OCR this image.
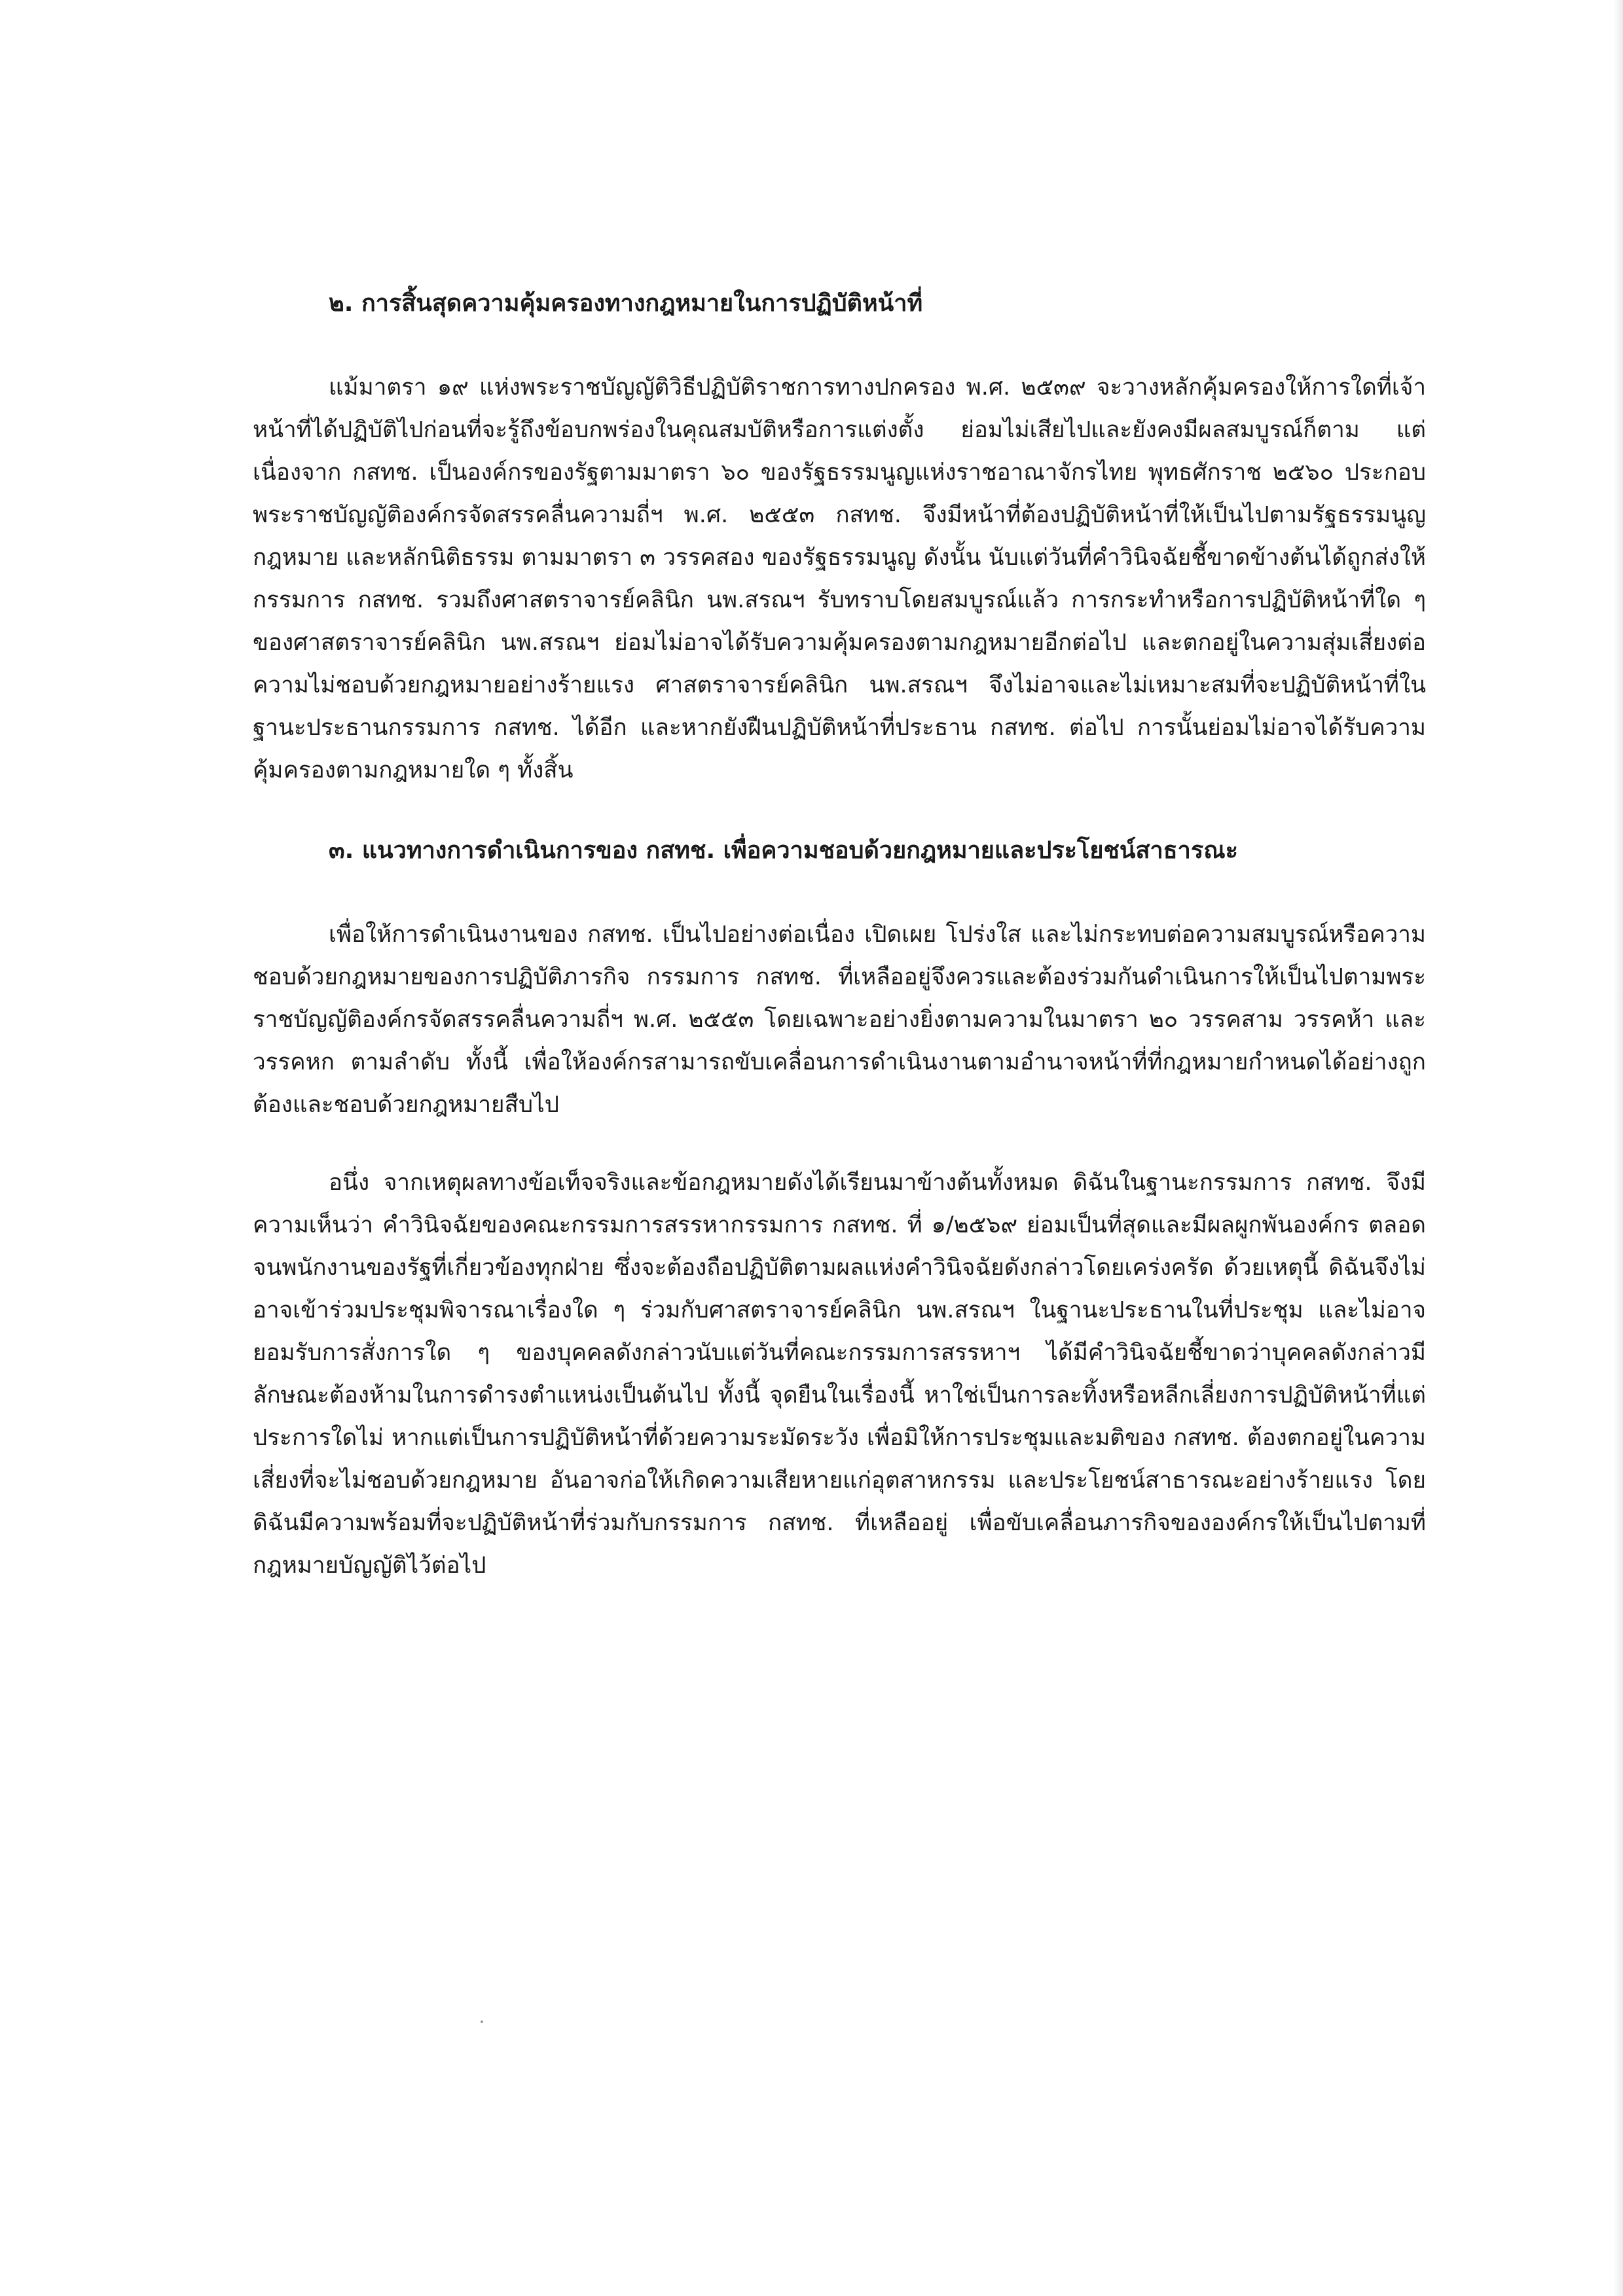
๒. การสิ้นสุดความคุ้มครองทางกฎหมายในการปฏิบัติหน้าที่

แม้มาตรา ๑๙ แห่งพระราชบัญญัติวิธีปฏิบัติราชการทางปกครอง พ.ศ. ๒๕๓๙ จะวางหลักคุ้มครองให้การใดที่เจ้าหน้าที่ได้ปฏิบัติไปก่อนที่จะรู้ถึงข้อบกพร่องในคุณสมบัติหรือการแต่งตั้ง ย่อมไม่เสียไปและยังคงมีผลสมบูรณ์ก็ตาม แต่เนื่องจาก กสทช. เป็นองค์กรของรัฐตามมาตรา ๖๐ ของรัฐธรรมนูญแห่งราชอาณาจักรไทย พุทธศักราช ๒๕๖๐ ประกอบพระราชบัญญัติองค์กรจัดสรรคลื่นความถี่ฯ พ.ศ. ๒๕๕๓ กสทช. จึงมีหน้าที่ต้องปฏิบัติหน้าที่ให้เป็นไปตามรัฐธรรมนูญ กฎหมาย และหลักนิติธรรม ตามมาตรา ๓ วรรคสอง ของรัฐธรรมนูญ ดังนั้น นับแต่วันที่คำวินิจฉัยชี้ขาดข้างต้นได้ถูกส่งให้กรรมการ กสทช. รวมถึงศาสตราจารย์คลินิก นพ.สรณฯ รับทราบโดยสมบูรณ์แล้ว การกระทำหรือการปฏิบัติหน้าที่ใด ๆ ของศาสตราจารย์คลินิก นพ.สรณฯ ย่อมไม่อาจได้รับความคุ้มครองตามกฎหมายอีกต่อไป และตกอยู่ในความสุ่มเสี่ยงต่อความไม่ชอบด้วยกฎหมายอย่างร้ายแรง ศาสตราจารย์คลินิก นพ.สรณฯ จึงไม่อาจและไม่เหมาะสมที่จะปฏิบัติหน้าที่ในฐานะประธานกรรมการ กสทช. ได้อีก และหากยังฝืนปฏิบัติหน้าที่ประธาน กสทช. ต่อไป การนั้นย่อมไม่อาจได้รับความคุ้มครองตามกฎหมายใด ๆ ทั้งสิ้น

๓. แนวทางการดำเนินการของ กสทช. เพื่อความชอบด้วยกฎหมายและประโยชน์สาธารณะ

เพื่อให้การดำเนินงานของ กสทช. เป็นไปอย่างต่อเนื่อง เปิดเผย โปร่งใส และไม่กระทบต่อความสมบูรณ์หรือความชอบด้วยกฎหมายของการปฏิบัติภารกิจ กรรมการ กสทช. ที่เหลืออยู่จึงควรและต้องร่วมกันดำเนินการให้เป็นไปตามพระราชบัญญัติองค์กรจัดสรรคลื่นความถี่ฯ พ.ศ. ๒๕๕๓ โดยเฉพาะอย่างยิ่งตามความในมาตรา ๒๐ วรรคสาม วรรคห้า และวรรคหก ตามลำดับ ทั้งนี้ เพื่อให้องค์กรสามารถขับเคลื่อนการดำเนินงานตามอำนาจหน้าที่ที่กฎหมายกำหนดได้อย่างถูกต้องและชอบด้วยกฎหมายสืบไป

อนึ่ง จากเหตุผลทางข้อเท็จจริงและข้อกฎหมายดังได้เรียนมาข้างต้นทั้งหมด ดิฉันในฐานะกรรมการ กสทช. จึงมีความเห็นว่า คำวินิจฉัยของคณะกรรมการสรรหากรรมการ กสทช. ที่ ๑/๒๕๖๙ ย่อมเป็นที่สุดและมีผลผูกพันองค์กร ตลอดจนพนักงานของรัฐที่เกี่ยวข้องทุกฝ่าย ซึ่งจะต้องถือปฏิบัติตามผลแห่งคำวินิจฉัยดังกล่าวโดยเคร่งครัด ด้วยเหตุนี้ ดิฉันจึงไม่อาจเข้าร่วมประชุมพิจารณาเรื่องใด ๆ ร่วมกับศาสตราจารย์คลินิก นพ.สรณฯ ในฐานะประธานในที่ประชุม และไม่อาจยอมรับการสั่งการใด ๆ ของบุคคลดังกล่าวนับแต่วันที่คณะกรรมการสรรหาฯ ได้มีคำวินิจฉัยชี้ขาดว่าบุคคลดังกล่าวมีลักษณะต้องห้ามในการดำรงตำแหน่งเป็นต้นไป ทั้งนี้ จุดยืนในเรื่องนี้ หาใช่เป็นการละทิ้งหรือหลีกเลี่ยงการปฏิบัติหน้าที่แต่ประการใดไม่ หากแต่เป็นการปฏิบัติหน้าที่ด้วยความระมัดระวัง เพื่อมิให้การประชุมและมติของ กสทช. ต้องตกอยู่ในความเสี่ยงที่จะไม่ชอบด้วยกฎหมาย อันอาจก่อให้เกิดความเสียหายแก่อุตสาหกรรม และประโยชน์สาธารณะอย่างร้ายแรง โดยดิฉันมีความพร้อมที่จะปฏิบัติหน้าที่ร่วมกับกรรมการ กสทช. ที่เหลืออยู่ เพื่อขับเคลื่อนภารกิจขององค์กรให้เป็นไปตามที่กฎหมายบัญญัติไว้ต่อไป
